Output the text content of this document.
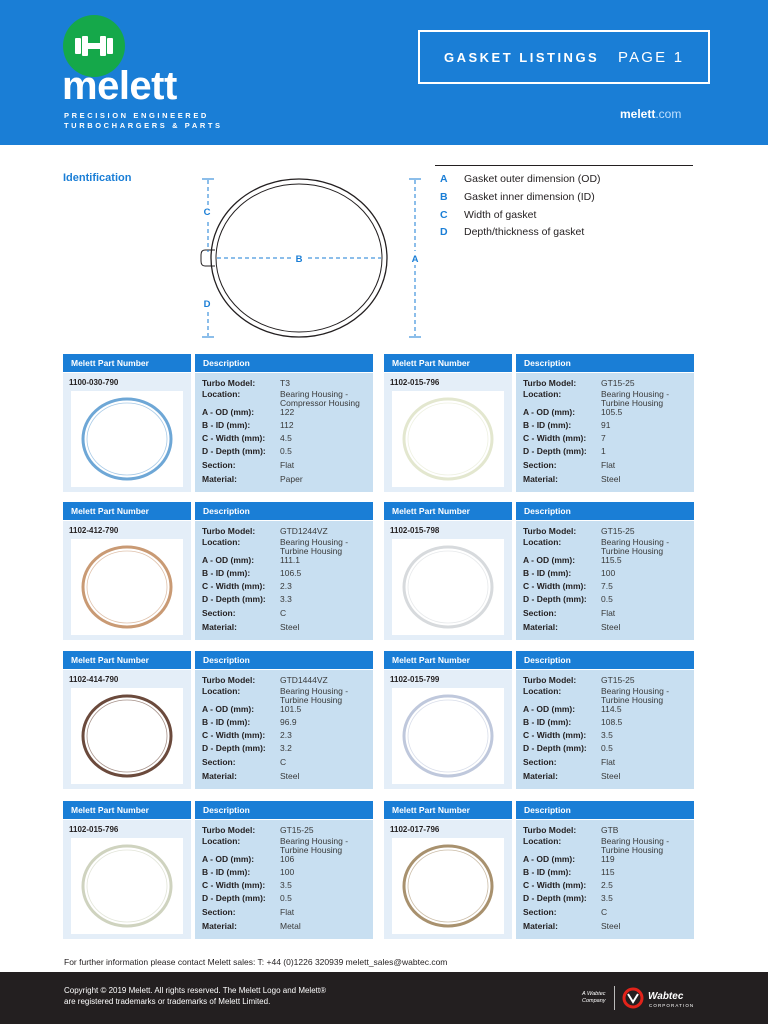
melett
PRECISION ENGINEERED
TURBOCHARGERS & PARTS
GASKET LISTINGS PAGE 1
melett.com
Identification
B	A
C
D
A Gasket outer dimension (OD)
B Gasket inner dimension (ID)
C Width of gasket
D Depth/thickness of gasket
Melett Part Number	Description
1100-030-790	Turbo Model:	T3
Location:	Bearing Housing -
Compressor Housing
A - OD (mm):	122
B - ID (mm):	112
C - Width (mm): 4.5
D - Depth (mm): 0.5
Section:	Flat
Material:	Paper
Melett Part Number	Description
1102-015-796	Turbo Model:	GT15-25
Location:	Bearing Housing -
Turbine Housing
A - OD (mm):	105.5
B - ID (mm):	91
C - Width (mm): 7
D - Depth (mm): 1
Section:	Flat
Material:	Steel
Melett Part Number	Description
1102-412-790	Turbo Model:	GTD1244VZ
Location:	Bearing Housing -
Turbine Housing
A - OD (mm):	111.1
B - ID (mm):	106.5
C - Width (mm): 2.3
D - Depth (mm): 3.3
Section:	C
Material:	Steel
Melett Part Number	Description
1102-015-798	Turbo Model:	GT15-25
Location:	Bearing Housing -
Turbine Housing
A - OD (mm):	115.5
B - ID (mm):	100
C - Width (mm): 7.5
D - Depth (mm): 0.5
Section:	Flat
Material:	Steel
Melett Part Number	Description
1102-414-790	Turbo Model:	GTD1444VZ
Location:	Bearing Housing -
Turbine Housing
A - OD (mm):	101.5
B - ID (mm):	96.9
C - Width (mm): 2.3
D - Depth (mm): 3.2
Section:	C
Material:	Steel
Melett Part Number	Description
1102-015-799	Turbo Model:	GT15-25
Location:	Bearing Housing -
Turbine Housing
A - OD (mm):	114.5
B - ID (mm):	108.5
C - Width (mm): 3.5
D - Depth (mm): 0.5
Section:	Flat
Material:	Steel
Melett Part Number	Description
1102-015-796	Turbo Model:	GT15-25
Location:	Bearing Housing -
Turbine Housing
A - OD (mm):	106
B - ID (mm):	100
C - Width (mm): 3.5
D - Depth (mm): 0.5
Section:	Flat
Material:	Metal
Melett Part Number	Description
1102-017-796	Turbo Model:	GTB
Location:	Bearing Housing -
Turbine Housing
A - OD (mm):	119
B - ID (mm):	115
C - Width (mm): 2.5
D - Depth (mm): 3.5
Section:	C
Material:	Steel
For further information please contact Melett sales: T: +44 (0)1226 320939 melett_sales@wabtec.com
Copyright © 2019 Melett. All rights reserved. The Melett Logo and Melett®
are registered trademarks or trademarks of Melett Limited.
A Wabtec
Company	Wabtec
CORPORATION
